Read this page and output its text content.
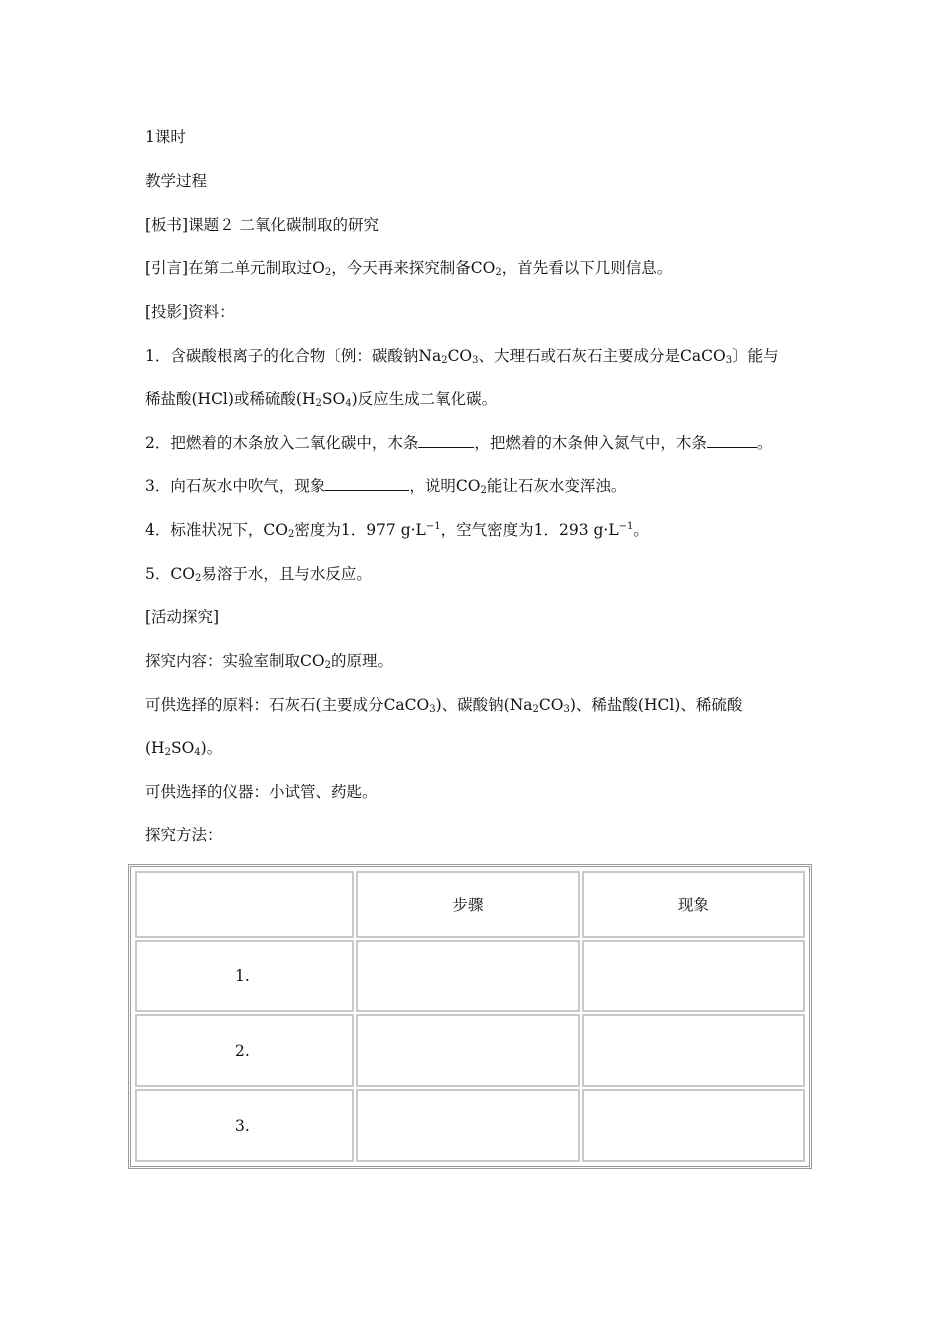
1课时
教学过程
[板书]课题２ 二氧化碳制取的研究
[引言]在第二单元制取过$O_2$，今天再来探究制备$CO_2$，首先看以下几则信息。
[投影]资料：
1．含碳酸根离子的化合物〔例：碳酸钠$Na_2CO_3$、大理石或石灰石主要成分是CaCO$_3$〕能与
稀盐酸(HCl)或稀硫酸$(H_2SO_4)$反应生成二氧化碳。
2．把燃着的木条放入二氧化碳中，木条	，把燃着的木条伸入氮气中，木条	。
3．向石灰水中吹气，现象	，说明$CO_2$能让石灰水变浑浊。
4．标准状况下，$CO_2$密度为1．977 $g\cdot L^{-1}$，空气密度为1．293 $g\cdot L^{-1}$。
5．$CO_2$易溶于水，且与水反应。
[活动探究]
探究内容：实验室制取$CO_2$的原理。
可供选择的原料：石灰石(主要成分CaCO$_3$)、碳酸钠$(Na_2CO_3)$、稀盐酸(HCl)、稀硫酸
$(H_2SO_4)$。
可供选择的仪器：小试管、药匙。
探究方法：
	步骤	现象
1.		
2.		
3.		
